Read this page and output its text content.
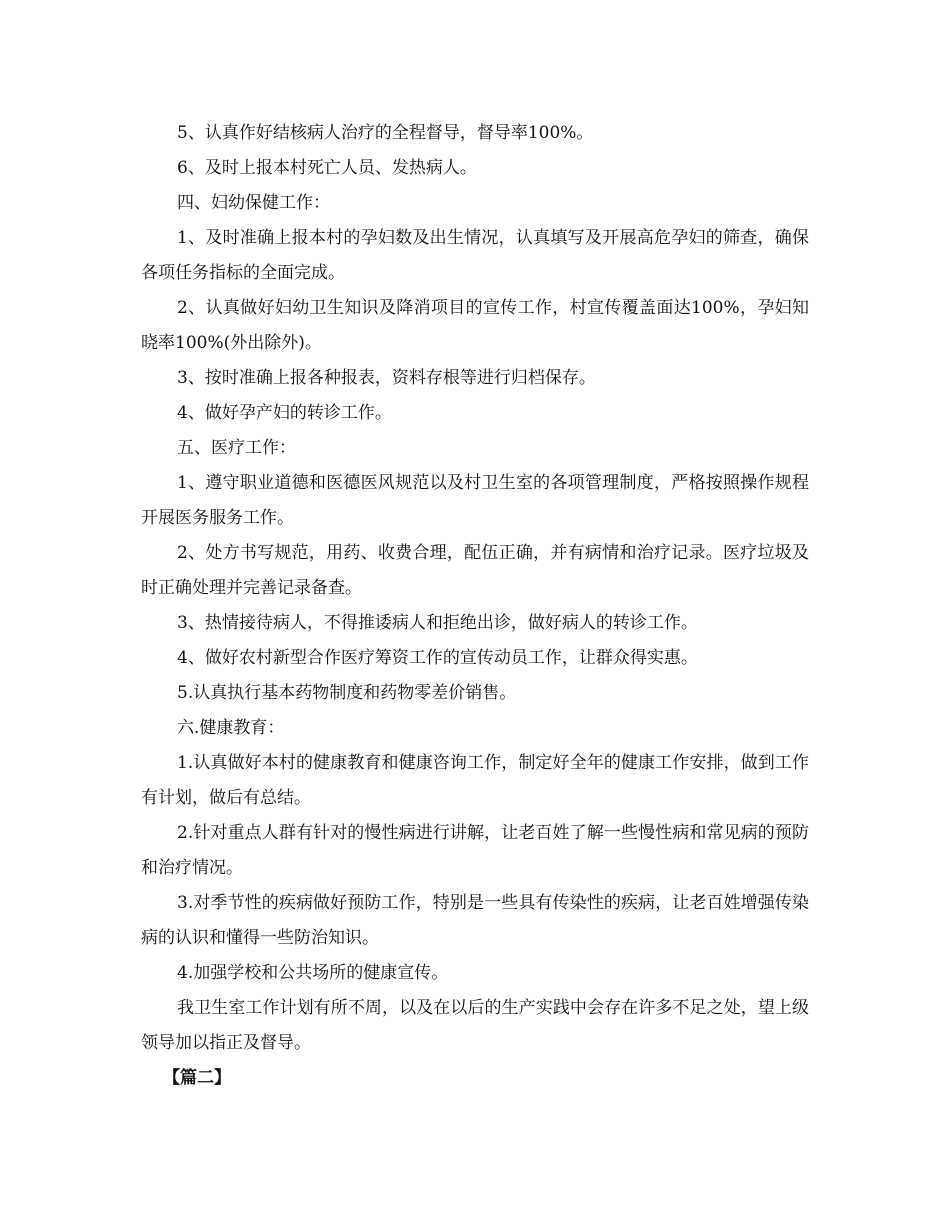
5、认真作好结核病人治疗的全程督导，督导率100%。

6、及时上报本村死亡人员、发热病人。

四、妇幼保健工作：

1、及时准确上报本村的孕妇数及出生情况，认真填写及开展高危孕妇的筛查，确保各项任务指标的全面完成。

2、认真做好妇幼卫生知识及降消项目的宣传工作，村宣传覆盖面达100%，孕妇知晓率100%(外出除外)。

3、按时准确上报各种报表，资料存根等进行归档保存。

4、做好孕产妇的转诊工作。

五、医疗工作：

1、遵守职业道德和医德医风规范以及村卫生室的各项管理制度，严格按照操作规程开展医务服务工作。

2、处方书写规范，用药、收费合理，配伍正确，并有病情和治疗记录。医疗垃圾及时正确处理并完善记录备查。

3、热情接待病人，不得推诿病人和拒绝出诊，做好病人的转诊工作。

4、做好农村新型合作医疗筹资工作的宣传动员工作，让群众得实惠。

5.认真执行基本药物制度和药物零差价销售。

六.健康教育：

1.认真做好本村的健康教育和健康咨询工作，制定好全年的健康工作安排，做到工作有计划，做后有总结。

2.针对重点人群有针对的慢性病进行讲解，让老百姓了解一些慢性病和常见病的预防和治疗情况。

3.对季节性的疾病做好预防工作，特别是一些具有传染性的疾病，让老百姓增强传染病的认识和懂得一些防治知识。

4.加强学校和公共场所的健康宣传。

我卫生室工作计划有所不周，以及在以后的生产实践中会存在许多不足之处，望上级领导加以指正及督导。

【篇二】
